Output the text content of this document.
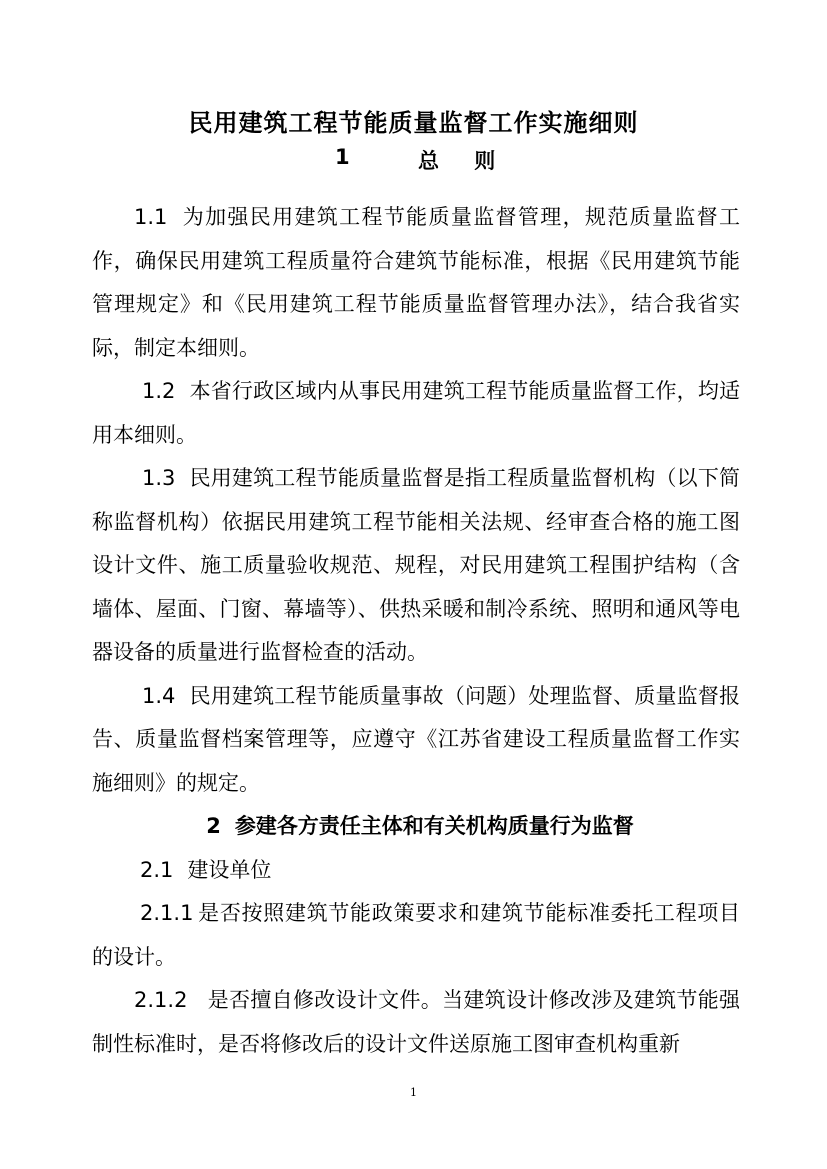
民用建筑工程节能质量监督工作实施细则
1	总 则

1.1 为加强民用建筑工程节能质量监督管理，规范质量监督工作，确保民用建筑工程质量符合建筑节能标准，根据《民用建筑节能管理规定》和《民用建筑工程节能质量监督管理办法》，结合我省实际，制定本细则。

1.2 本省行政区域内从事民用建筑工程节能质量监督工作，均适用本细则。

1.3 民用建筑工程节能质量监督是指工程质量监督机构（以下简称监督机构）依据民用建筑工程节能相关法规、经审查合格的施工图设计文件、施工质量验收规范、规程，对民用建筑工程围护结构（含墙体、屋面、门窗、幕墙等）、供热采暖和制冷系统、照明和通风等电器设备的质量进行监督检查的活动。

1.4 民用建筑工程节能质量事故（问题）处理监督、质量监督报告、质量监督档案管理等，应遵守《江苏省建设工程质量监督工作实施细则》的规定。

2 参建各方责任主体和有关机构质量行为监督

2.1 建设单位

2.1.1 是否按照建筑节能政策要求和建筑节能标准委托工程项目的设计。

2.1.2 是否擅自修改设计文件。当建筑设计修改涉及建筑节能强制性标准时，是否将修改后的设计文件送原施工图审查机构重新

1
